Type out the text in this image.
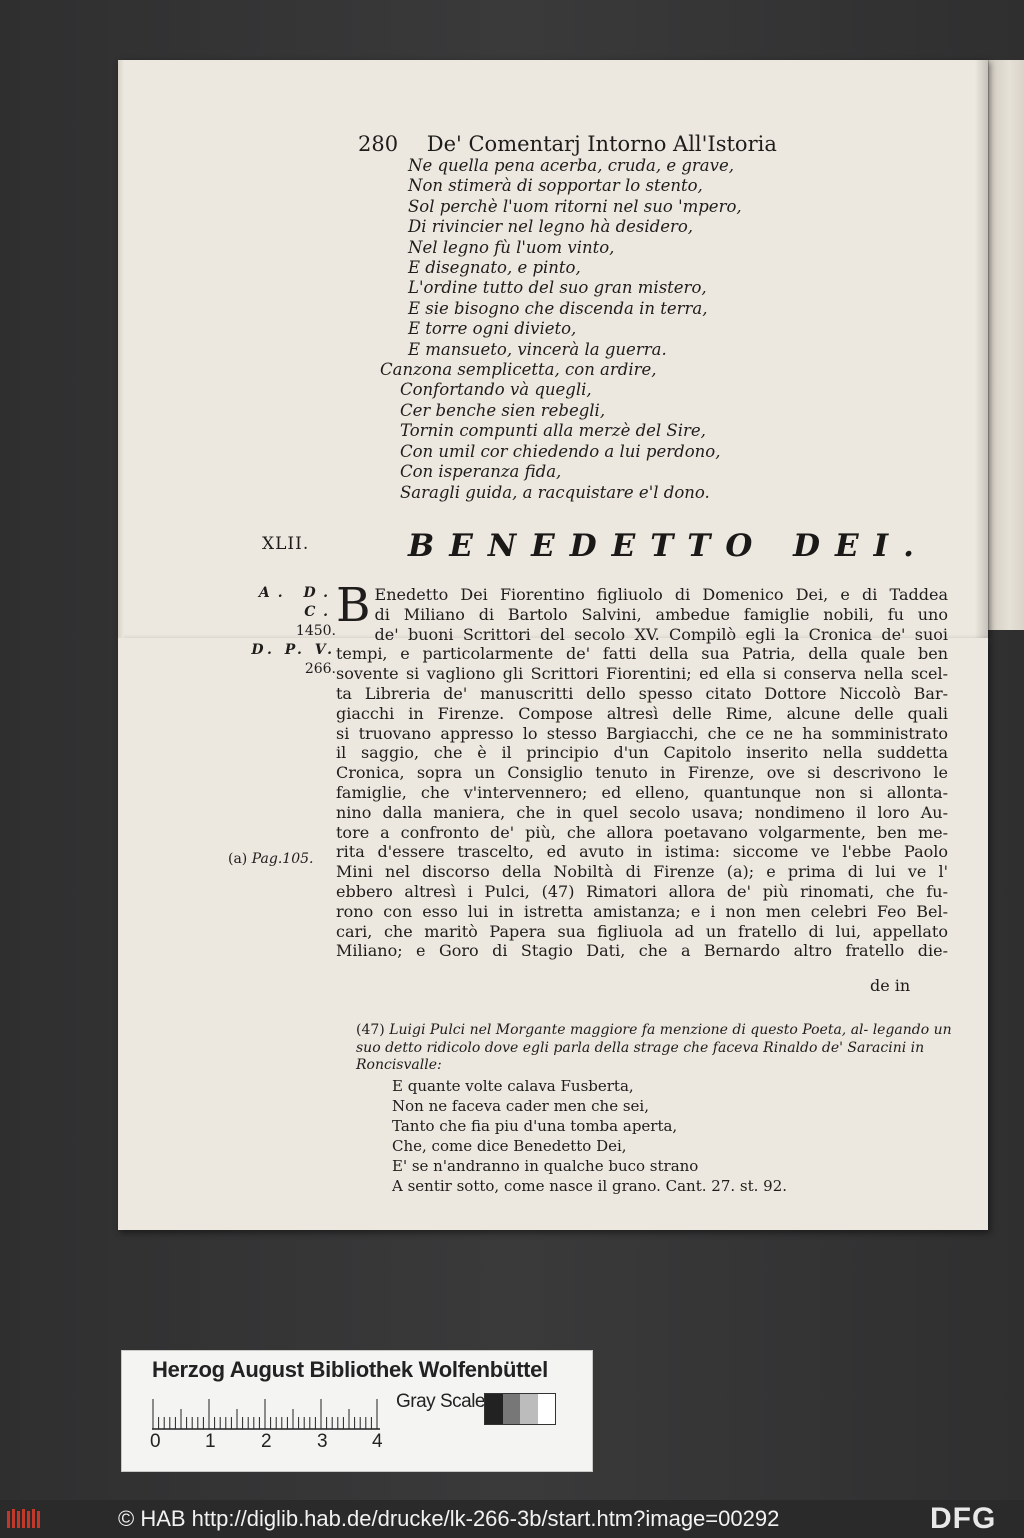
280 De' Comentarj Intorno All'Istoria
Ne quella pena acerba, cruda, e grave,
Non stimerà di sopportar lo stento,
Sol perchè l'uom ritorni nel suo 'mpero,
Di rivincier nel legno hà desidero,
Nel legno fù l'uom vinto,
E disegnato, e pinto,
L'ordine tutto del suo gran mistero,
E sie bisogno che discenda in terra,
E torre ogni divieto,
E mansueto, vincerà la guerra.
Canzona semplicetta, con ardire,
Confortando và quegli,
Cer benche sien rebegli,
Tornin compunti alla merzè del Sire,
Con umil cor chiedendo a lui perdono,
Con isperanza fida,
Saragli guida, a racquistare e'l dono.
XLII.	BENEDETTO DEI.
A. D. C.
1450.
D. P. V.
266.
(a) Pag.105.
B Enedetto Dei Fiorentino figliuolo di Domenico Dei, e di Taddea
di Miliano di Bartolo Salvini, ambedue famiglie nobili, fu uno
de' buoni Scrittori del secolo XV. Compilò egli la Cronica de' suoi
tempi, e particolarmente de' fatti della sua Patria, della quale ben
sovente si vagliono gli Scrittori Fiorentini; ed ella si conserva nella scel-
ta Libreria de' manuscritti dello spesso citato Dottore Niccolò Bar-
giacchi in Firenze. Compose altresì delle Rime, alcune delle quali
si truovano appresso lo stesso Bargiacchi, che ce ne ha somministrato
il saggio, che è il principio d'un Capitolo inserito nella suddetta
Cronica, sopra un Consiglio tenuto in Firenze, ove si descrivono le
famiglie, che v'intervennero; ed elleno, quantunque non si allonta-
nino dalla maniera, che in quel secolo usava; nondimeno il loro Au-
tore a confronto de' più, che allora poetavano volgarmente, ben me-
rita d'essere trascelto, ed avuto in istima: siccome ve l'ebbe Paolo
Mini nel discorso della Nobiltà di Firenze (a); e prima di lui ve l'
ebbero altresì i Pulci, (47) Rimatori allora de' più rinomati, che fu-
rono con esso lui in istretta amistanza; e i non men celebri Feo Bel-
cari, che maritò Papera sua figliuola ad un fratello di lui, appellato
Miliano; e Goro di Stagio Dati, che a Bernardo altro fratello die-
de in
(47) Luigi Pulci nel Morgante maggiore fa menzione di questo Poeta, al- legando un suo detto ridicolo dove egli parla della strage che faceva Rinaldo de' Saracini in Roncisvalle:
E quante volte calava Fusberta,
Non ne faceva cader men che sei,
Tanto che fia piu d'una tomba aperta,
Che, come dice Benedetto Dei,
E' se n'andranno in qualche buco strano
A sentir sotto, come nasce il grano. Cant. 27. st. 92.
Herzog August Bibliothek Wolfenbüttel
0 1 2 3 4
Gray Scale
© HAB http://diglib.hab.de/drucke/lk-266-3b/start.htm?image=00292	DFG
